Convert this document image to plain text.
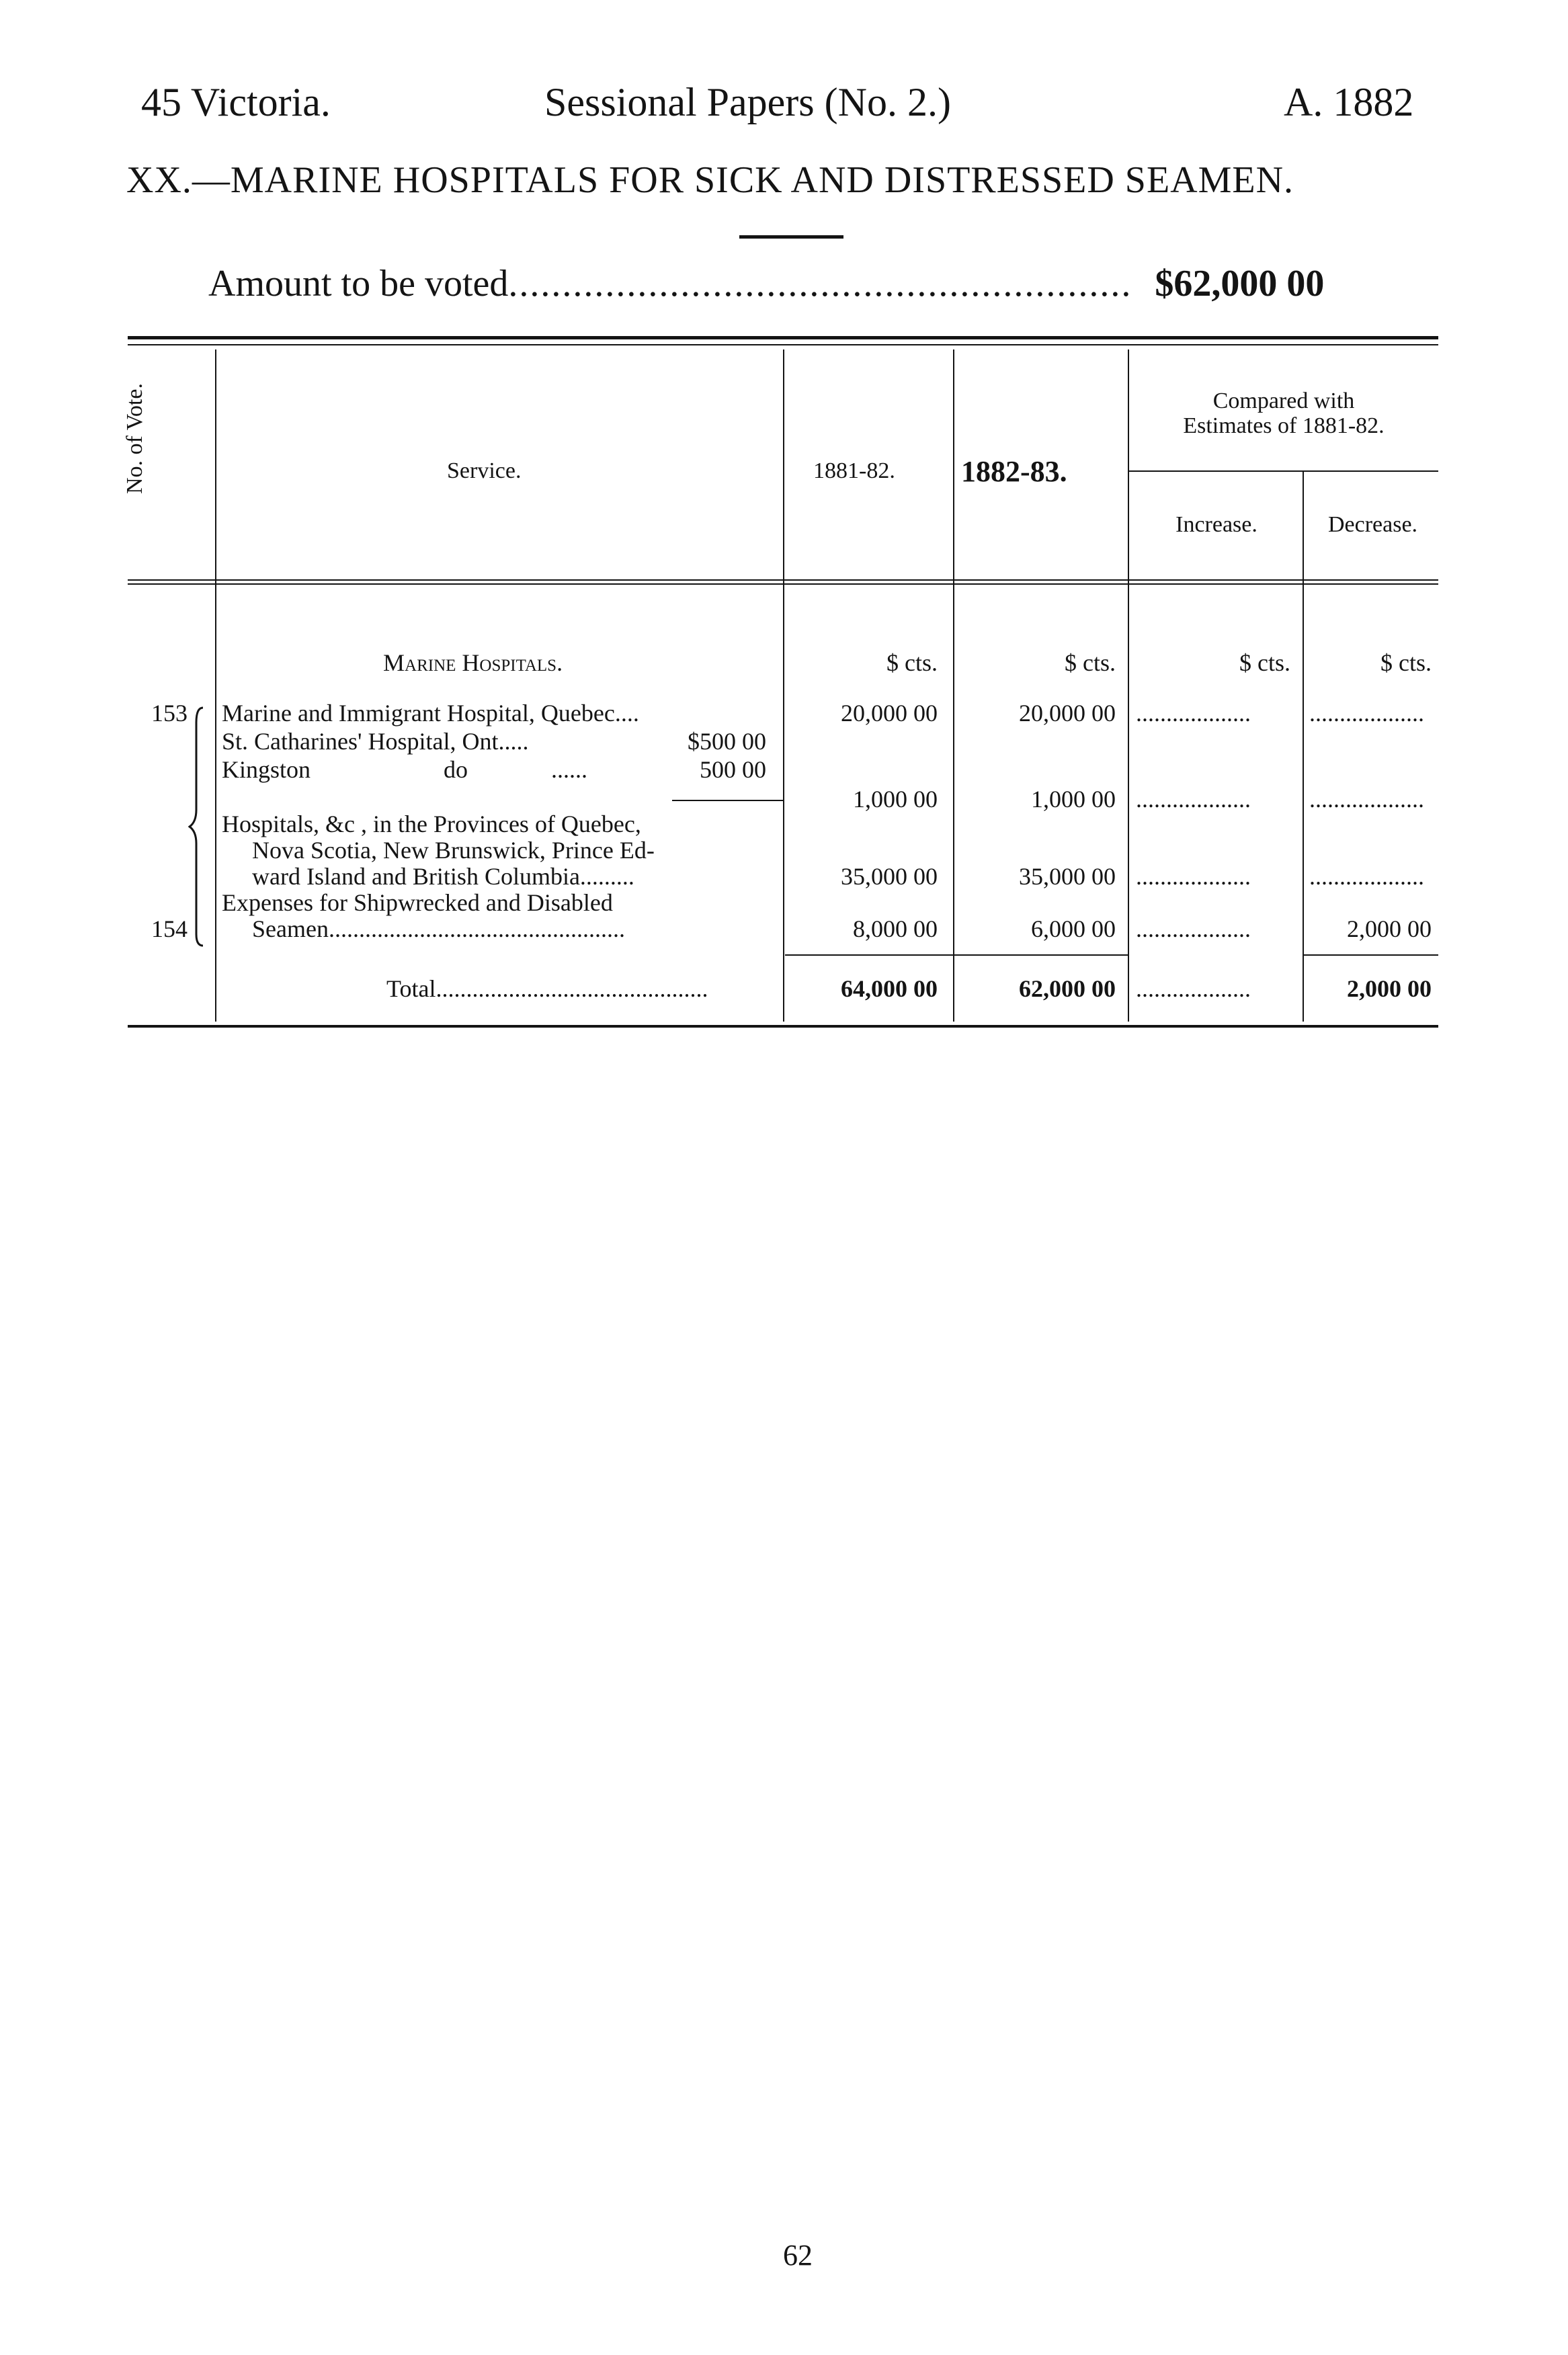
45 Victoria.	Sessional Papers (No. 2.)	A. 1882
XX.—MARINE HOSPITALS FOR SICK AND DISTRESSED SEAMEN.
Amount to be voted.......................................................... $62,000 00
No. of Vote.	Service.	1881-82. 1882-83.
Compared with
Estimates of 1881-82.
Increase.	Decrease.
Marine Hospitals.	$ cts.	$ cts.	$ cts.	$ cts.
153 Marine and Immigrant Hospital, Quebec....	20,000 00	20,000 00 ................... ...................
St. Catharines' Hospital, Ont.....	$500 00
Kingston	do	......	500 00
1,000 00	1,000 00 ................... ...................
Hospitals, &c , in the Provinces of Quebec,
Nova Scotia, New Brunswick, Prince Ed-
ward Island and British Columbia.........	35,000 00	35,000 00 ................... ...................
Expenses for Shipwrecked and Disabled
154	Seamen.................................................	8,000 00	6,000 00 ...................	2,000 00
Total.............................................	64,000 00	62,000 00 ...................	2,000 00
62
